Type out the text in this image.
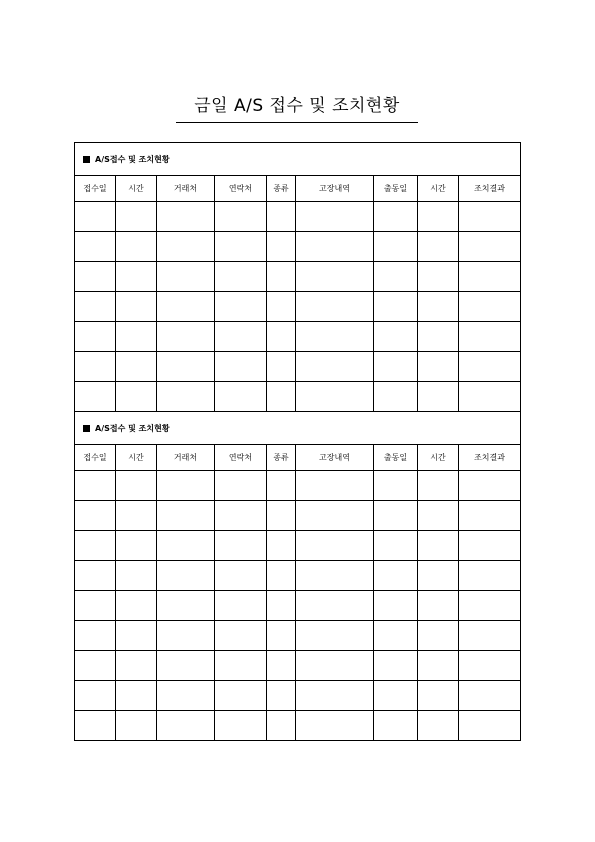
금일 A/S 접수 및 조치현황
A/S접수 및 조치현황								
접수일	시간	거래처	연락처	종류	고장내역	출동일	시간	조치결과

A/S접수 및 조치현황								
접수일	시간	거래처	연락처	종류	고장내역	출동일	시간	조치결과
